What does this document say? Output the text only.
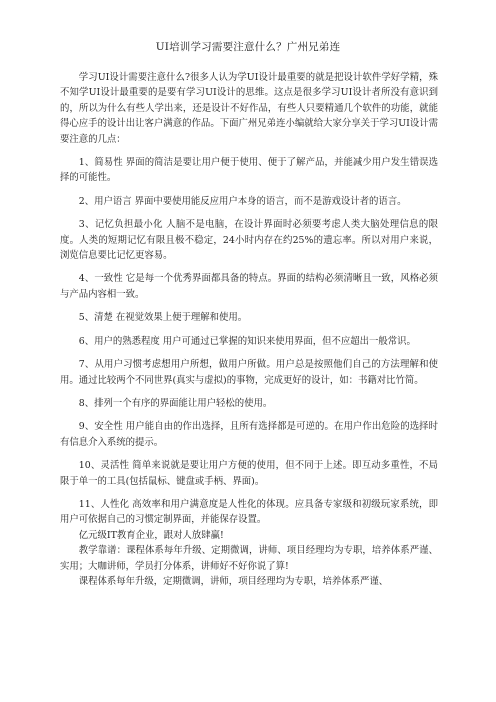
UI培训学习需要注意什么？广州兄弟连

学习UI设计需要注意什么?很多人认为学UI设计最重要的就是把设计软件学好学精，殊不知学UI设计最重要的是要有学习UI设计的思维。这点是很多学习UI设计者所没有意识到的，所以为什么有些人学出来，还是设计不好作品，有些人只要精通几个软件的功能，就能得心应手的设计出让客户满意的作品。下面广州兄弟连小编就给大家分享关于学习UI设计需要注意的几点：

1、简易性 界面的简洁是要让用户便于使用、便于了解产品，并能减少用户发生错误选择的可能性。

2、用户语言 界面中要使用能反应用户本身的语言，而不是游戏设计者的语言。

3、记忆负担最小化 人脑不是电脑，在设计界面时必须要考虑人类大脑处理信息的限度。人类的短期记忆有限且极不稳定，24小时内存在约25%的遗忘率。所以对用户来说，浏览信息要比记忆更容易。

4、一致性 它是每一个优秀界面都具备的特点。界面的结构必须清晰且一致，风格必须与产品内容相一致。

5、清楚 在视觉效果上便于理解和使用。

6、用户的熟悉程度 用户可通过已掌握的知识来使用界面，但不应超出一般常识。

7、从用户习惯考虑想用户所想，做用户所做。用户总是按照他们自己的方法理解和使用。通过比较两个不同世界(真实与虚拟)的事物，完成更好的设计，如：书籍对比竹简。

8、排列一个有序的界面能让用户轻松的使用。

9、安全性 用户能自由的作出选择，且所有选择都是可逆的。在用户作出危险的选择时有信息介入系统的提示。

10、灵活性 简单来说就是要让用户方便的使用，但不同于上述。即互动多重性，不局限于单一的工具(包括鼠标、键盘或手柄、界面)。

11、人性化 高效率和用户满意度是人性化的体现。应具备专家级和初级玩家系统，即用户可依据自己的习惯定制界面，并能保存设置。

亿元级IT教育企业，跟对人放肆赢!

教学靠谱：课程体系每年升级、定期微调，讲师、项目经理均为专职，培养体系严谨、实用；大咖讲师，学员打分体系，讲师好不好你说了算!

课程体系每年升级，定期微调，讲师，项目经理均为专职，培养体系严谨、
